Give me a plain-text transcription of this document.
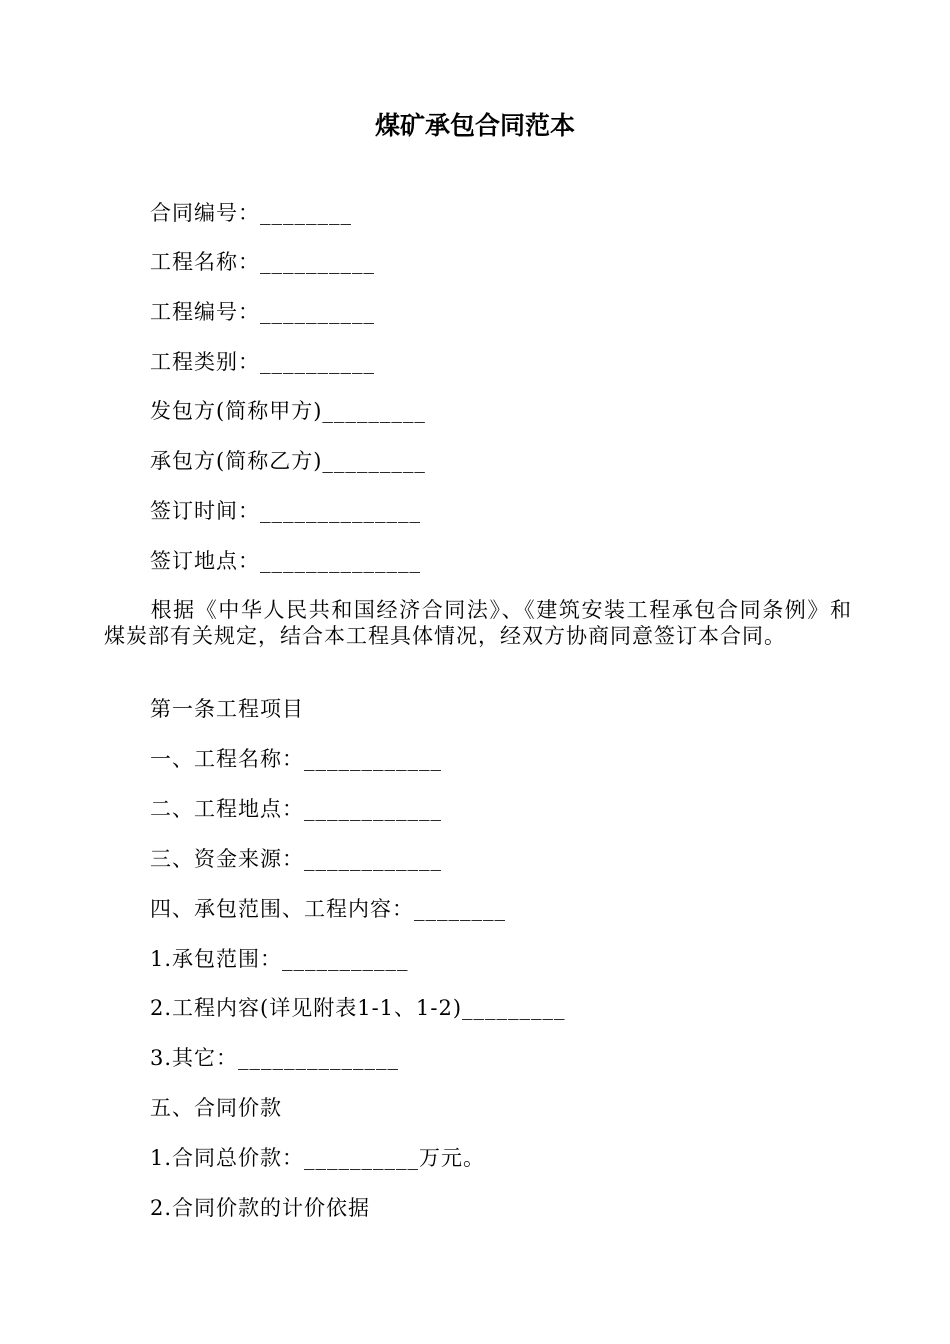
煤矿承包合同范本
合同编号：________
工程名称：__________
工程编号：__________
工程类别：__________
发包方(简称甲方)_________
承包方(简称乙方)_________
签订时间：______________
签订地点：______________
根据《中华人民共和国经济合同法》、《建筑安装工程承包合同条例》和煤炭部有关规定，结合本工程具体情况，经双方协商同意签订本合同。
第一条工程项目
一、工程名称：____________
二、工程地点：____________
三、资金来源：____________
四、承包范围、工程内容：________
1.承包范围：___________
2.工程内容(详见附表1-1、1-2)_________
3.其它：______________
五、合同价款
1.合同总价款：__________万元。
2.合同价款的计价依据
